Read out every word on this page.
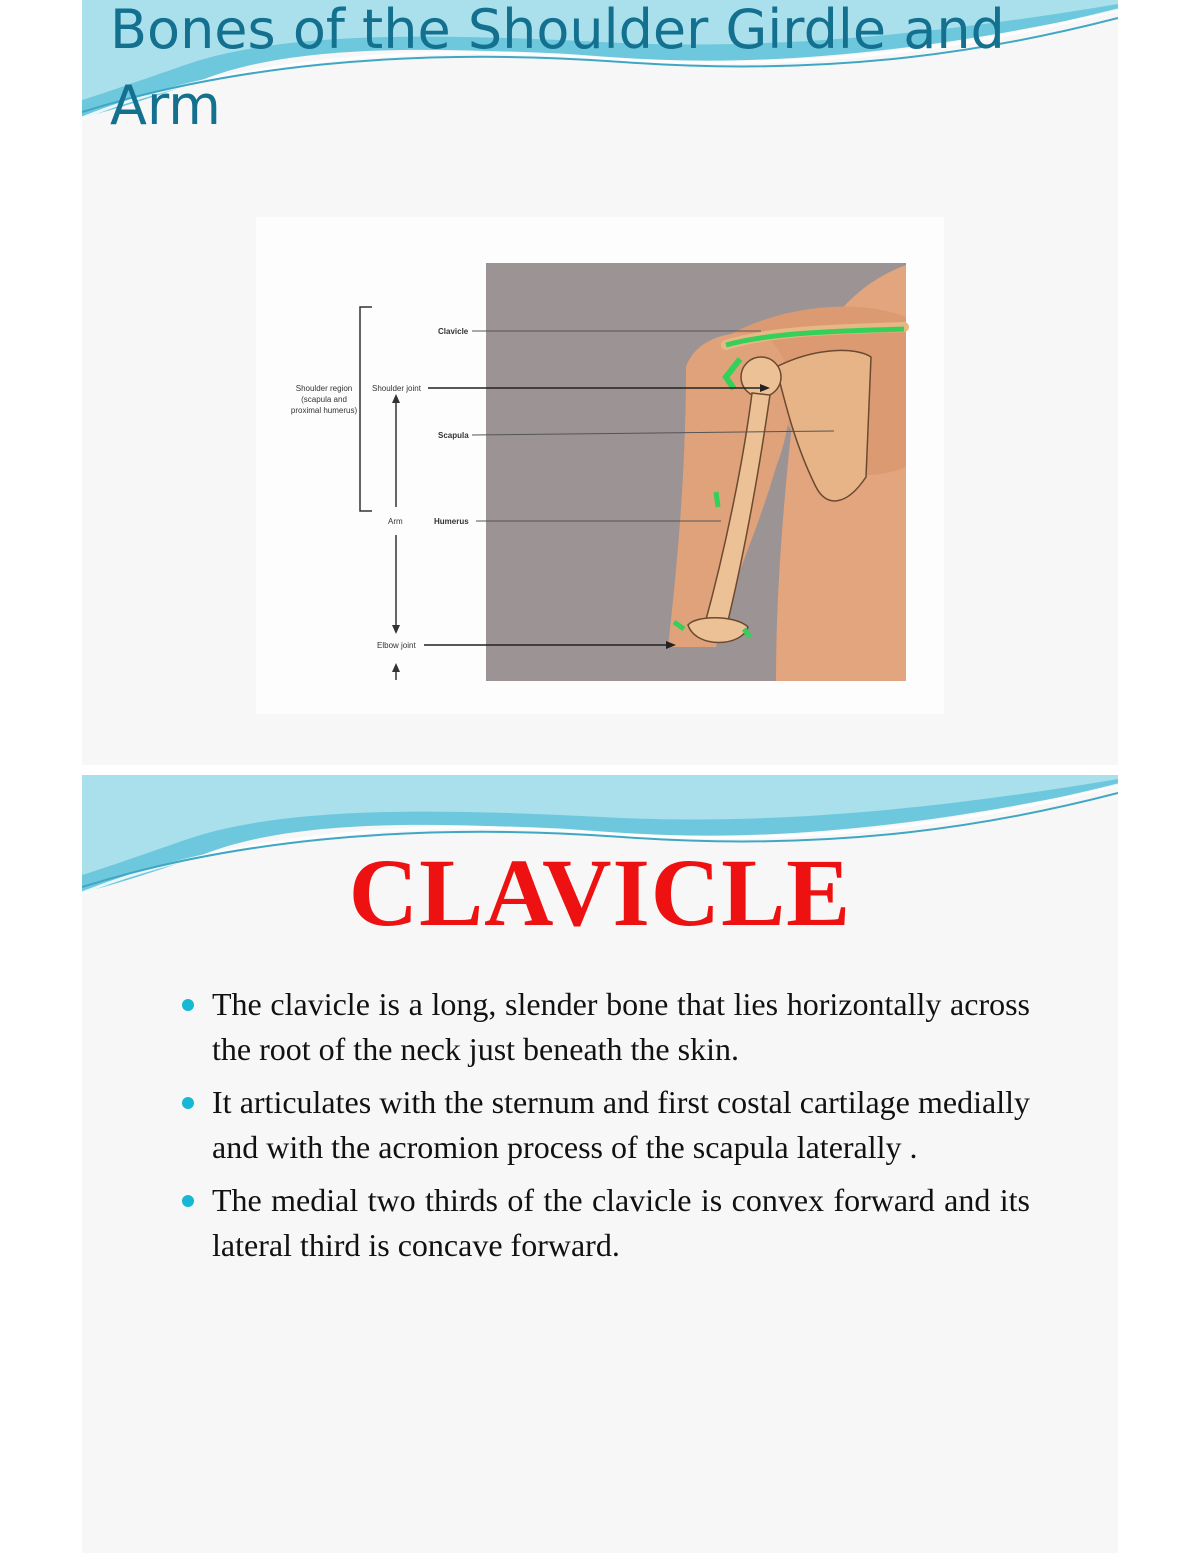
Bones of the Shoulder Girdle and Arm
Shoulder region
(scapula and
proximal humerus)
Shoulder joint
Arm
Elbow joint
Clavicle
Scapula
Humerus
CLAVICLE
The clavicle is a long, slender bone that lies horizontally across the root of the neck just beneath the skin.
It articulates with the sternum and first costal cartilage medially and with the acromion process of the scapula laterally .
The medial two thirds of the clavicle is convex forward and its lateral third is concave forward.
